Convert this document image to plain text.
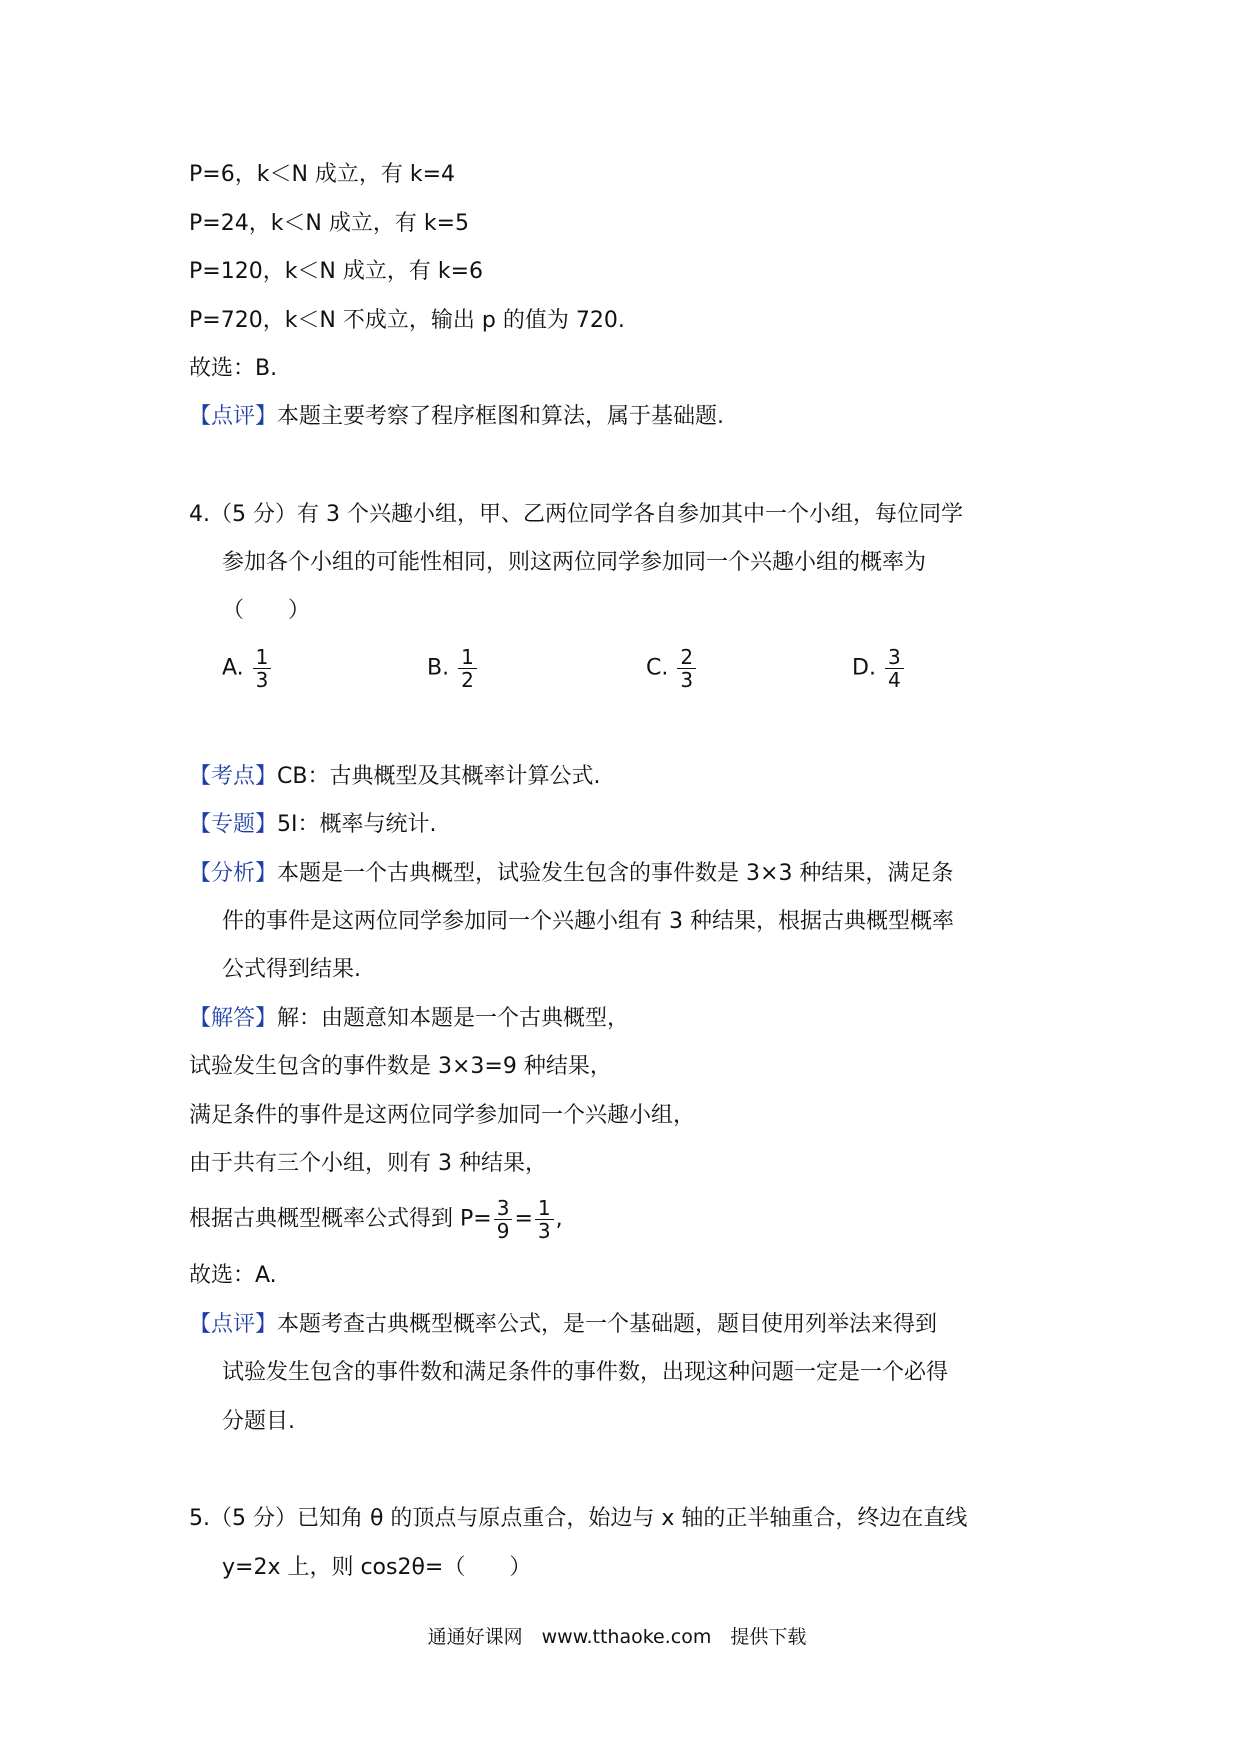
P=6，k＜N 成立，有 k=4
P=24，k＜N 成立，有 k=5
P=120，k＜N 成立，有 k=6
P=720，k＜N 不成立，输出 p 的值为 720.
故选：B.
【点评】本题主要考察了程序框图和算法，属于基础题.
4.（5 分）有 3 个兴趣小组，甲、乙两位同学各自参加其中一个小组，每位同学
参加各个小组的可能性相同，则这两位同学参加同一个兴趣小组的概率为
（　　）
A. $\frac{1}{3}$	B. $\frac{1}{2}$	C. $\frac{2}{3}$	D. $\frac{3}{4}$
【考点】CB：古典概型及其概率计算公式.
【专题】5I：概率与统计.
【分析】本题是一个古典概型，试验发生包含的事件数是 3×3 种结果，满足条
件的事件是这两位同学参加同一个兴趣小组有 3 种结果，根据古典概型概率
公式得到结果.
【解答】解：由题意知本题是一个古典概型，
试验发生包含的事件数是 3×3=9 种结果，
满足条件的事件是这两位同学参加同一个兴趣小组，
由于共有三个小组，则有 3 种结果，
根据古典概型概率公式得到 $P= \frac{3}{9} = \frac{1}{3}$ ,
故选：A.
【点评】本题考查古典概型概率公式，是一个基础题，题目使用列举法来得到
试验发生包含的事件数和满足条件的事件数，出现这种问题一定是一个必得
分题目.
5.（5 分）已知角 θ 的顶点与原点重合，始边与 x 轴的正半轴重合，终边在直线
y=2x 上，则 cos2θ=（　　）
通通好课网　www.tthaoke.com　提供下载
